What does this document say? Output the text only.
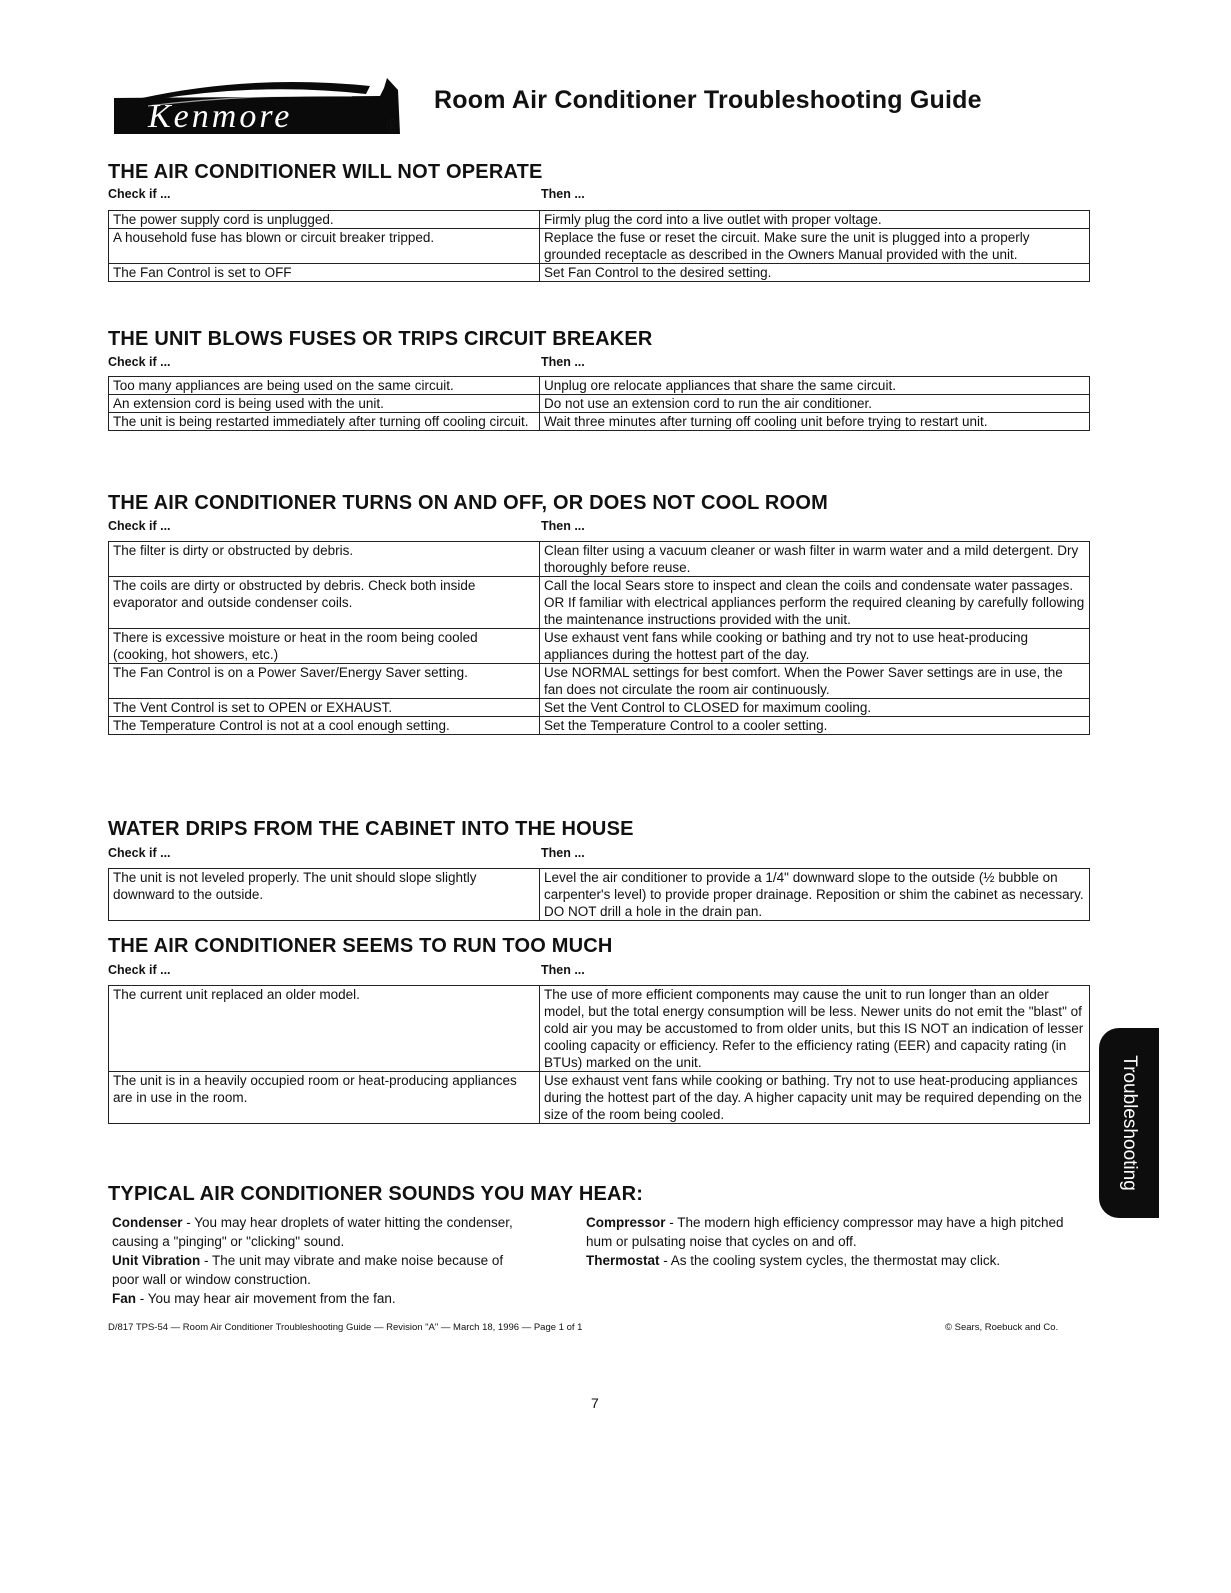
Kenmore	®
Room Air Conditioner Troubleshooting Guide
THE AIR CONDITIONER WILL NOT OPERATE
Check if ...	Then ...
The power supply cord is unplugged.	Firmly plug the cord into a live outlet with proper voltage.
A household fuse has blown or circuit breaker tripped.	Replace the fuse or reset the circuit. Make sure the unit is plugged into a properly grounded receptacle as described in the Owners Manual provided with the unit.
The Fan Control is set to OFF	Set Fan Control to the desired setting.
THE UNIT BLOWS FUSES OR TRIPS CIRCUIT BREAKER
Check if ...	Then ...
Too many appliances are being used on the same circuit.	Unplug ore relocate appliances that share the same circuit.
An extension cord is being used with the unit.	Do not use an extension cord to run the air conditioner.
The unit is being restarted immediately after turning off cooling circuit.	Wait three minutes after turning off cooling unit before trying to restart unit.
THE AIR CONDITIONER TURNS ON AND OFF, OR DOES NOT COOL ROOM
Check if ...	Then ...
The filter is dirty or obstructed by debris.	Clean filter using a vacuum cleaner or wash filter in warm water and a mild detergent. Dry thoroughly before reuse.
The coils are dirty or obstructed by debris. Check both inside evaporator and outside condenser coils.	Call the local Sears store to inspect and clean the coils and condensate water passages. OR If familiar with electrical appliances perform the required cleaning by carefully following the maintenance instructions provided with the unit.
There is excessive moisture or heat in the room being cooled (cooking, hot showers, etc.)	Use exhaust vent fans while cooking or bathing and try not to use heat-producing appliances during the hottest part of the day.
The Fan Control is on a Power Saver/Energy Saver setting.	Use NORMAL settings for best comfort. When the Power Saver settings are in use, the fan does not circulate the room air continuously.
The Vent Control is set to OPEN or EXHAUST.	Set the Vent Control to CLOSED for maximum cooling.
The Temperature Control is not at a cool enough setting.	Set the Temperature Control to a cooler setting.
WATER DRIPS FROM THE CABINET INTO THE HOUSE
Check if ...	Then ...
The unit is not leveled properly. The unit should slope slightly downward to the outside.	Level the air conditioner to provide a 1/4" downward slope to the outside (½ bubble on carpenter's level) to provide proper drainage. Reposition or shim the cabinet as necessary. DO NOT drill a hole in the drain pan.
THE AIR CONDITIONER SEEMS TO RUN TOO MUCH
Check if ...	Then ...
The current unit replaced an older model.	The use of more efficient components may cause the unit to run longer than an older model, but the total energy consumption will be less. Newer units do not emit the "blast" of cold air you may be accustomed to from older units, but this IS NOT an indication of lesser cooling capacity or efficiency. Refer to the efficiency rating (EER) and capacity rating (in BTUs) marked on the unit.
The unit is in a heavily occupied room or heat-producing appliances are in use in the room.	Use exhaust vent fans while cooking or bathing. Try not to use heat-producing appliances during the hottest part of the day. A higher capacity unit may be required depending on the size of the room being cooled.
TYPICAL AIR CONDITIONER SOUNDS YOU MAY HEAR:
Condenser - You may hear droplets of water hitting the condenser, causing a "pinging" or "clicking" sound.
Unit Vibration - The unit may vibrate and make noise because of poor wall or window construction.
Fan - You may hear air movement from the fan.
Compressor - The modern high efficiency compressor may have a high pitched hum or pulsating noise that cycles on and off.
Thermostat - As the cooling system cycles, the thermostat may click.
D/817 TPS-54 — Room Air Conditioner Troubleshooting Guide — Revision "A" — March 18, 1996 — Page 1 of 1	© Sears, Roebuck and Co.
7
Troubleshooting
